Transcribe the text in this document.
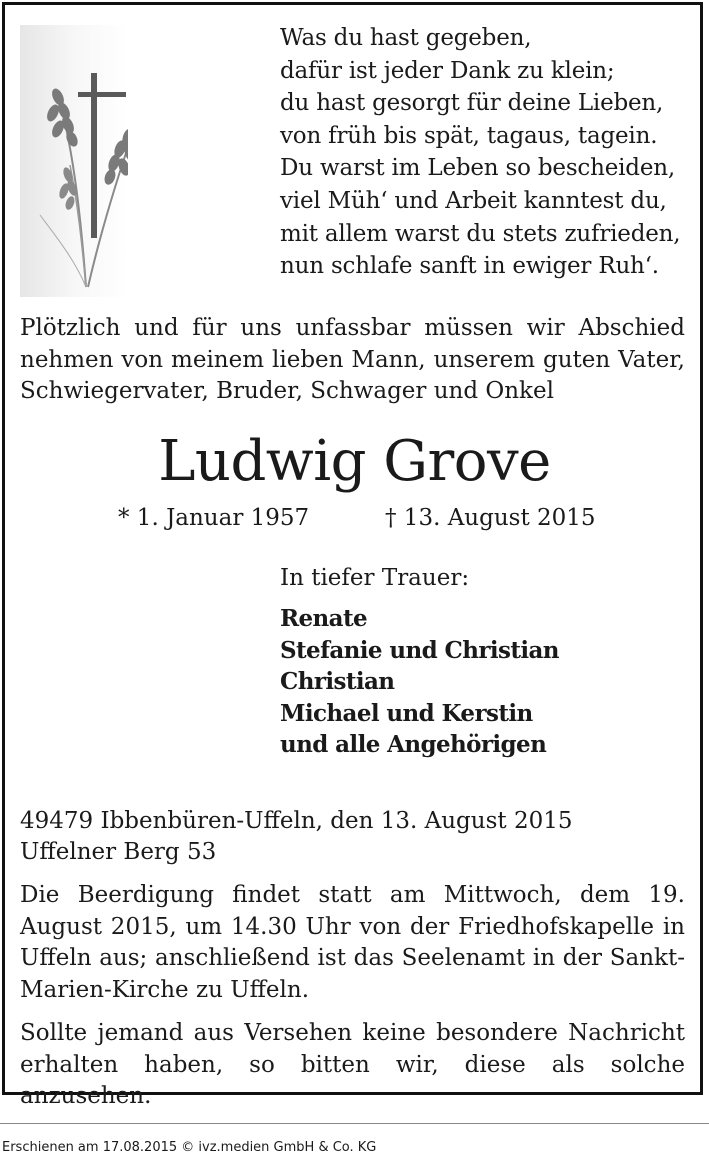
Was du hast gegeben,
dafür ist jeder Dank zu klein;
du hast gesorgt für deine Lieben,
von früh bis spät, tagaus, tagein.
Du warst im Leben so bescheiden,
viel Müh‘ und Arbeit kanntest du,
mit allem warst du stets zufrieden,
nun schlafe sanft in ewiger Ruh‘.
Plötzlich und für uns unfassbar müssen wir Abschied nehmen von meinem lieben Mann, unserem guten Vater, Schwiegervater, Bruder, Schwager und Onkel
Ludwig Grove
* 1. Januar 1957	† 13. August 2015
In tiefer Trauer:
Renate
Stefanie und Christian
Christian
Michael und Kerstin
und alle Angehörigen
49479 Ibbenbüren-Uffeln, den 13. August 2015
Uffelner Berg 53
Die Beerdigung findet statt am Mittwoch, dem 19. August 2015, um 14.30 Uhr von der Friedhofskapelle in Uffeln aus; anschließend ist das Seelenamt in der Sankt-Marien-Kirche zu Uffeln.
Sollte jemand aus Versehen keine besondere Nachricht erhalten haben, so bitten wir, diese als solche anzusehen.
Erschienen am 17.08.2015 © ivz.medien GmbH & Co. KG
